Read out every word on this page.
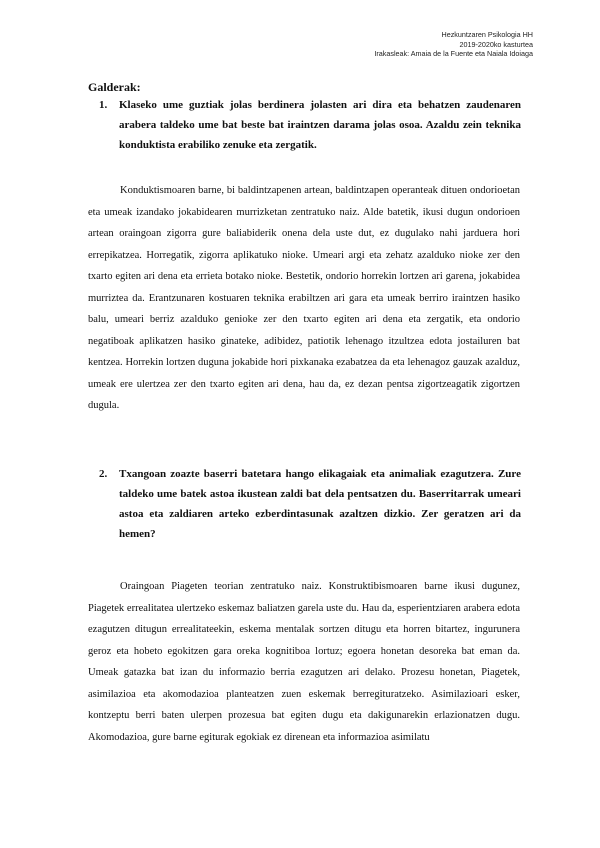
Hezkuntzaren Psikologia HH
2019-2020ko kasturtea
Irakasleak: Amaia de la Fuente eta Naiala Idoiaga
Galderak:
1.	Klaseko ume guztiak jolas berdinera jolasten ari dira eta behatzen zaudenaren arabera taldeko ume bat beste bat iraintzen darama jolas osoa. Azaldu zein teknika konduktista erabiliko zenuke eta zergatik.
Konduktismoaren barne, bi baldintzapenen artean, baldintzapen operanteak dituen ondorioetan eta umeak izandako jokabidearen murrizketan zentratuko naiz. Alde batetik, ikusi dugun ondorioen artean oraingoan zigorra gure baliabiderik onena dela uste dut, ez dugulako nahi jarduera hori errepikatzea. Horregatik, zigorra aplikatuko nioke. Umeari argi eta zehatz azalduko nioke zer den txarto egiten ari dena eta errieta botako nioke. Bestetik, ondorio horrekin lortzen ari garena, jokabidea murriztea da. Erantzunaren kostuaren teknika erabiltzen ari gara eta umeak berriro iraintzen hasiko balu, umeari berriz azalduko genioke zer den txarto egiten ari dena eta zergatik, eta ondorio negatiboak aplikatzen hasiko ginateke, adibidez, patiotik lehenago itzultzea edota jostailuren bat kentzea. Horrekin lortzen duguna jokabide hori pixkanaka ezabatzea da eta lehenagoz gauzak azalduz, umeak ere ulertzea zer den txarto egiten ari dena, hau da, ez dezan pentsa zigortzeagatik zigortzen dugula.
2.	Txangoan zoazte baserri batetara hango elikagaiak eta animaliak ezagutzera. Zure taldeko ume batek astoa ikustean zaldi bat dela pentsatzen du. Baserritarrak umeari astoa eta zaldiaren arteko ezberdintasunak azaltzen dizkio. Zer geratzen ari da hemen?
Oraingoan Piageten teorian zentratuko naiz. Konstruktibismoaren barne ikusi dugunez, Piagetek errealitatea ulertzeko eskemaz baliatzen garela uste du. Hau da, esperientziaren arabera edota ezagutzen ditugun errealitateekin, eskema mentalak sortzen ditugu eta horren bitartez, ingurunera geroz eta hobeto egokitzen gara oreka kognitiboa lortuz; egoera honetan desoreka bat eman da. Umeak gatazka bat izan du informazio berria ezagutzen ari delako. Prozesu honetan, Piagetek, asimilazioa eta akomodazioa planteatzen zuen eskemak berregituratzeko. Asimilazioari esker, kontzeptu berri baten ulerpen prozesua bat egiten dugu eta dakigunarekin erlazionatzen dugu. Akomodazioa, gure barne egiturak egokiak ez direnean eta informazioa asimilatu
